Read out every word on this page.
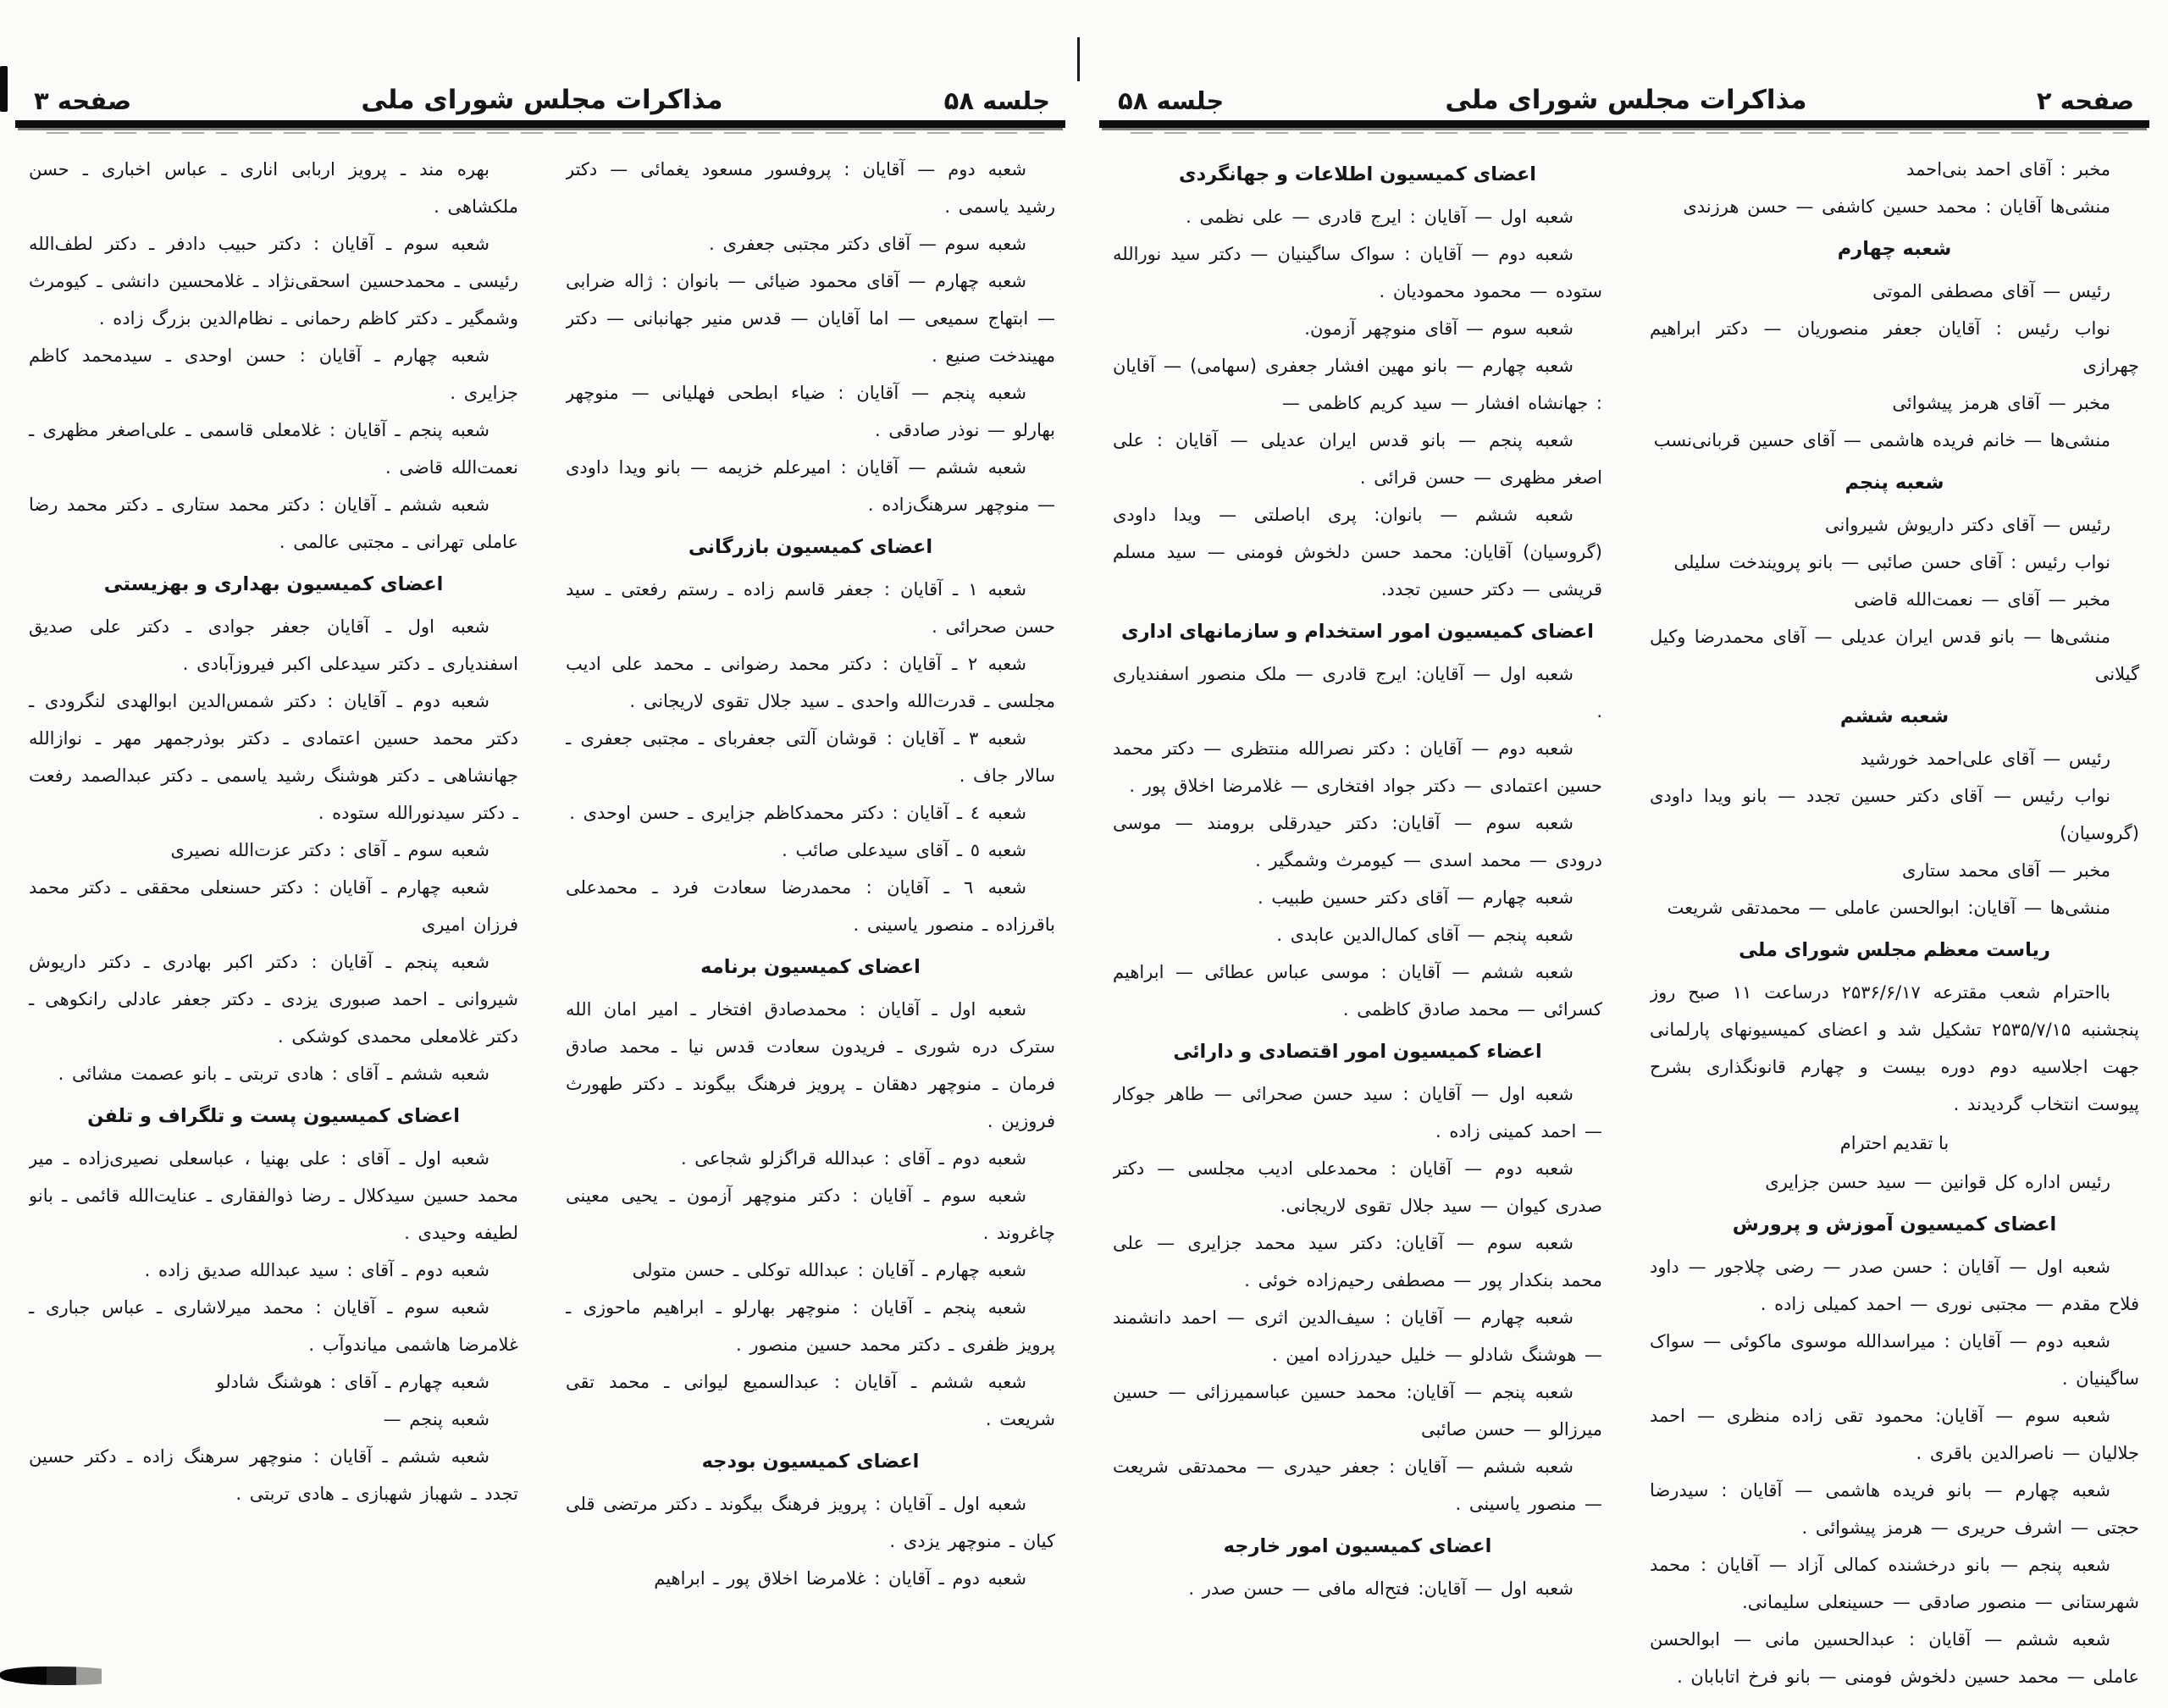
صفحه ۲
مذاکرات مجلس شورای ملی
جلسه ۵۸

مخبر : آقای احمد بنی‌احمد

منشی‌ها آقایان : محمد حسین کاشفی — حسن هرزندی

شعبه چهارم

رئیس — آقای مصطفی الموتی

نواب رئیس : آقایان جعفر منصوریان — دکتر ابراهیم چهرازی

مخبر — آقای هرمز پیشوائی

منشی‌ها — خانم فریده هاشمی — آقای حسین قربانی‌نسب

شعبه پنجم

رئیس — آقای دکتر داریوش شیروانی

نواب رئیس : آقای حسن صائبی — بانو پرویندخت سلیلی

مخبر — آقای — نعمت‌الله قاضی

منشی‌ها — بانو قدس ایران عدیلی — آقای محمدرضا وکیل گیلانی

شعبه ششم

رئیس — آقای علی‌احمد خورشید

نواب رئیس — آقای دکتر حسین تجدد — بانو ویدا داودی (گروسیان)

مخبر — آقای محمد ستاری

منشی‌ها — آقایان: ابوالحسن عاملی — محمدتقی شریعت

ریاست معظم مجلس شورای ملی

بااحترام شعب مقترعه ۲۵۳۶/۶/۱۷ درساعت ۱۱ صبح روز پنجشنبه ۲۵۳۵/۷/۱۵ تشکیل شد و اعضای کمیسیونهای پارلمانی جهت اجلاسیه دوم دوره بیست و چهارم قانونگذاری بشرح پیوست انتخاب گردیدند .

با تقدیم احترام

رئیس اداره کل قوانین — سید حسن جزایری

اعضای کمیسیون آموزش و پرورش

شعبه اول — آقایان : حسن صدر — رضی چلاجور — داود فلاح مقدم — مجتبی نوری — احمد کمیلی زاده .

شعبه دوم — آقایان : میراسدالله موسوی ماکوئی — سواک ساگینیان .

شعبه سوم — آقایان: محمود تقی زاده منظری — احمد جلالیان — ناصرالدین باقری .

شعبه چهارم — بانو فریده هاشمی — آقایان : سیدرضا حجتی — اشرف حریری — هرمز پیشوائی .

شعبه پنجم — بانو درخشنده کمالی آزاد — آقایان : محمد شهرستانی — منصور صادقی — حسینعلی سلیمانی.

شعبه ششم — آقایان : عبدالحسین مانی — ابوالحسن عاملی — محمد حسین دلخوش فومنی — بانو فرخ اتابابان .

اعضای کمیسیون اطلاعات و جهانگردی

شعبه اول — آقایان : ایرج قادری — علی نظمی .

شعبه دوم — آقایان : سواک ساگینیان — دکتر سید نورالله ستوده — محمود محمودیان .

شعبه سوم — آقای منوچهر آزمون.

شعبه چهارم — بانو مهین افشار جعفری (سهامی) — آقایان : جهانشاه افشار — سید کریم کاظمی —

شعبه پنجم — بانو قدس ایران عدیلی — آقایان : علی اصغر مظهری — حسن قرائی .

شعبه ششم — بانوان: پری اباصلتی — ویدا داودی (گروسیان) آقایان: محمد حسن دلخوش فومنی — سید مسلم قریشی — دکتر حسین تجدد.

اعضای کمیسیون امور استخدام و سازمانهای اداری

شعبه اول — آقایان: ایرج قادری — ملک منصور اسفندیاری .

شعبه دوم — آقایان : دکتر نصرالله منتظری — دکتر محمد حسین اعتمادی — دکتر جواد افتخاری — غلامرضا اخلاق پور .

شعبه سوم — آقایان: دکتر حیدرقلی برومند — موسی درودی — محمد اسدی — کیومرث وشمگیر .

شعبه چهارم — آقای دکتر حسین طبیب .

شعبه پنجم — آقای کمال‌الدین عابدی .

شعبه ششم — آقایان : موسی عباس عطائی — ابراهیم کسرائی — محمد صادق کاظمی .

اعضاء کمیسیون امور اقتصادی و دارائی

شعبه اول — آقایان : سید حسن صحرائی — طاهر جوکار — احمد کمینی زاده .

شعبه دوم — آقایان : محمدعلی ادیب مجلسی — دکتر صدری کیوان — سید جلال تقوی لاریجانی.

شعبه سوم — آقایان: دکتر سید محمد جزایری — علی محمد بنکدار پور — مصطفی رحیم‌زاده خوئی .

شعبه چهارم — آقایان : سیف‌الدین اثری — احمد دانشمند — هوشنگ شادلو — خلیل حیدرزاده امین .

شعبه پنجم — آقایان: محمد حسین عباسمیرزائی — حسین میرزالو — حسن صائبی

شعبه ششم — آقایان : جعفر حیدری — محمدتقی شریعت — منصور یاسینی .

اعضای کمیسیون امور خارجه

شعبه اول — آقایان: فتح‌اله مافی — حسن صدر .

جلسه ۵۸
مذاکرات مجلس شورای ملی
صفحه ۳

شعبه دوم — آقایان : پروفسور مسعود یغمائی — دکتر رشید یاسمی .

شعبه سوم — آقای دکتر مجتبی جعفری .

شعبه چهارم — آقای محمود ضیائی — بانوان : ژاله ضرابی — ابتهاج سمیعی — اما آقایان — قدس منیر جهانبانی — دکتر مهیندخت صنیع .

شعبه پنجم — آقایان : ضیاء ابطحی فهلیانی — منوچهر بهارلو — نوذر صادقی .

شعبه ششم — آقایان : امیرعلم خزیمه — بانو ویدا داودی — منوچهر سرهنگ‌زاده .

اعضای کمیسیون بازرگانی

شعبه ۱ ـ آقایان : جعفر قاسم زاده ـ رستم رفعتی ـ سید حسن صحرائی .

شعبه ۲ ـ آقایان : دکتر محمد رضوانی ـ محمد علی ادیب مجلسی ـ قدرت‌الله واحدی ـ سید جلال تقوی لاریجانی .

شعبه ۳ ـ آقایان : قوشان آلتی جعفربای ـ مجتبی جعفری ـ سالار جاف .

شعبه ٤ ـ آقایان : دکتر محمدکاظم جزایری ـ حسن اوحدی .

شعبه ٥ ـ آقای سیدعلی صائب .

شعبه ٦ ـ آقایان : محمدرضا سعادت فرد ـ محمدعلی باقرزاده ـ منصور یاسینی .

اعضای کمیسیون برنامه

شعبه اول ـ آقایان : محمدصادق افتخار ـ امیر امان الله سترک دره شوری ـ فریدون سعادت قدس نیا ـ محمد صادق فرمان ـ منوچهر دهقان ـ پرویز فرهنگ بیگوند ـ دکتر طهورث فروزین .

شعبه دوم ـ آقای : عبدالله قراگزلو شجاعی .

شعبه سوم ـ آقایان : دکتر منوچهر آزمون ـ یحیی معینی چاغروند .

شعبه چهارم ـ آقایان : عبدالله توکلی ـ حسن متولی

شعبه پنجم ـ آقایان : منوچهر بهارلو ـ ابراهیم ماحوزی ـ پرویز ظفری ـ دکتر محمد حسین منصور .

شعبه ششم ـ آقایان : عبدالسمیع لیوانی ـ محمد تقی شریعت .

اعضای کمیسیون بودجه

شعبه اول ـ آقایان : پرویز فرهنگ بیگوند ـ دکتر مرتضی قلی کیان ـ منوچهر یزدی .

شعبه دوم ـ آقایان : غلامرضا اخلاق پور ـ ابراهیم

بهره مند ـ پرویز اربابی اناری ـ عباس اخباری ـ حسن ملکشاهی .

شعبه سوم ـ آقایان : دکتر حبیب دادفر ـ دکتر لطف‌الله رئیسی ـ محمدحسین اسحقی‌نژاد ـ غلامحسین دانشی ـ کیومرث وشمگیر ـ دکتر کاظم رحمانی ـ نظام‌الدین بزرگ زاده .

شعبه چهارم ـ آقایان : حسن اوحدی ـ سیدمحمد کاظم جزایری .

شعبه پنجم ـ آقایان : غلامعلی قاسمی ـ علی‌اصغر مظهری ـ نعمت‌الله قاضی .

شعبه ششم ـ آقایان : دکتر محمد ستاری ـ دکتر محمد رضا عاملی تهرانی ـ مجتبی عالمی .

اعضای کمیسیون بهداری و بهزیستی

شعبه اول ـ آقایان جعفر جوادی ـ دکتر علی صدیق اسفندیاری ـ دکتر سیدعلی اکبر فیروزآبادی .

شعبه دوم ـ آقایان : دکتر شمس‌الدین ابوالهدی لنگرودی ـ دکتر محمد حسین اعتمادی ـ دکتر بوذرجمهر مهر ـ نوازالله جهانشاهی ـ دکتر هوشنگ رشید یاسمی ـ دکتر عبدالصمد رفعت ـ دکتر سیدنورالله ستوده .

شعبه سوم ـ آقای : دکتر عزت‌الله نصیری

شعبه چهارم ـ آقایان : دکتر حسنعلی محققی ـ دکتر محمد فرزان امیری

شعبه پنجم ـ آقایان : دکتر اکبر بهادری ـ دکتر داریوش شیروانی ـ احمد صبوری یزدی ـ دکتر جعفر عادلی رانکوهی ـ دکتر غلامعلی محمدی کوشکی .

شعبه ششم ـ آقای : هادی تربتی ـ بانو عصمت مشائی .

اعضای کمیسیون پست و تلگراف و تلفن

شعبه اول ـ آقای : علی بهنیا ، عباسعلی نصیری‌زاده ـ میر محمد حسین سیدکلال ـ رضا ذوالفقاری ـ عنایت‌الله قائمی ـ بانو لطیفه وحیدی .

شعبه دوم ـ آقای : سید عبدالله صدیق زاده .

شعبه سوم ـ آقایان : محمد میرلاشاری ـ عباس جباری ـ غلامرضا هاشمی میاندوآب .

شعبه چهارم ـ آقای : هوشنگ شادلو

شعبه پنجم —

شعبه ششم ـ آقایان : منوچهر سرهنگ زاده ـ دکتر حسین تجدد ـ شهباز شهبازی ـ هادی تربتی .
